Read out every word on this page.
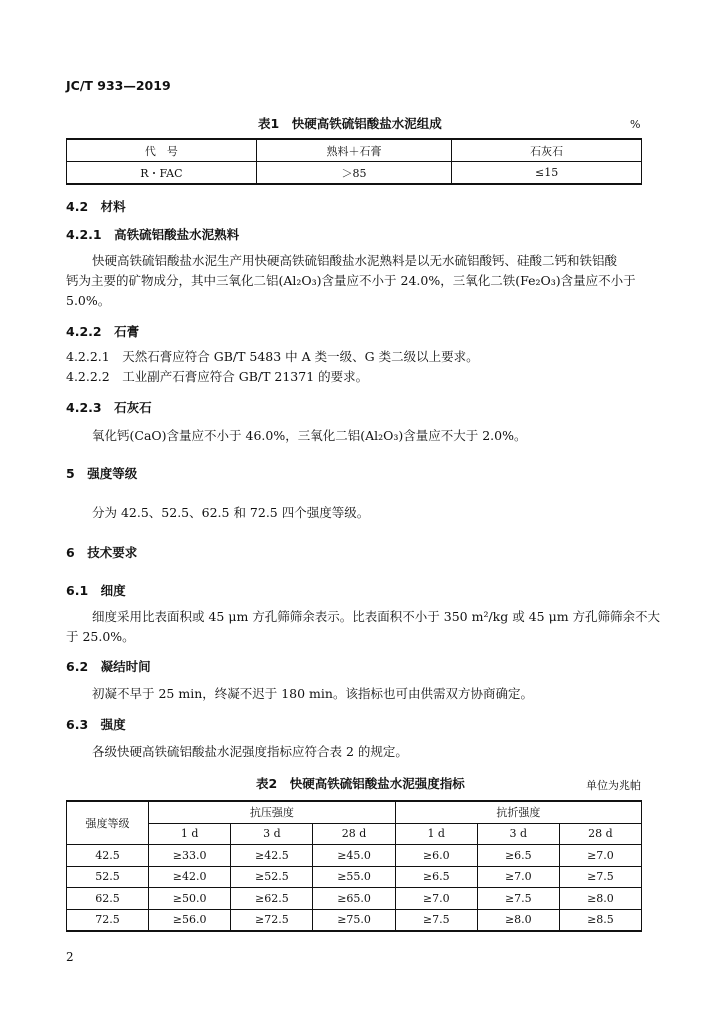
JC/T 933—2019
表1　快硬高铁硫铝酸盐水泥组成	%
代　号	熟料＋石膏	石灰石
R・FAC	＞85	≤15
4.2　材料
4.2.1　高铁硫铝酸盐水泥熟料
快硬高铁硫铝酸盐水泥生产用快硬高铁硫铝酸盐水泥熟料是以无水硫铝酸钙、硅酸二钙和铁铝酸
钙为主要的矿物成分，其中三氧化二铝(Al₂O₃)含量应不小于 24.0%，三氧化二铁(Fe₂O₃)含量应不小于
5.0%。
4.2.2　石膏
4.2.2.1　天然石膏应符合 GB/T 5483 中 A 类一级、G 类二级以上要求。
4.2.2.2　工业副产石膏应符合 GB/T 21371 的要求。
4.2.3　石灰石
氧化钙(CaO)含量应不小于 46.0%，三氧化二铝(Al₂O₃)含量应不大于 2.0%。
5　强度等级
分为 42.5、52.5、62.5 和 72.5 四个强度等级。
6　技术要求
6.1　细度
细度采用比表面积或 45 μm 方孔筛筛余表示。比表面积不小于 350 m²/kg 或 45 μm 方孔筛筛余不大
于 25.0%。
6.2　凝结时间
初凝不早于 25 min，终凝不迟于 180 min。该指标也可由供需双方协商确定。
6.3　强度
各级快硬高铁硫铝酸盐水泥强度指标应符合表 2 的规定。
表2　快硬高铁硫铝酸盐水泥强度指标	单位为兆帕
强度等级	抗压强度			抗折强度		
	1 d	3 d	28 d	1 d	3 d	28 d
42.5	≥33.0	≥42.5	≥45.0	≥6.0	≥6.5	≥7.0
52.5	≥42.0	≥52.5	≥55.0	≥6.5	≥7.0	≥7.5
62.5	≥50.0	≥62.5	≥65.0	≥7.0	≥7.5	≥8.0
72.5	≥56.0	≥72.5	≥75.0	≥7.5	≥8.0	≥8.5
2
